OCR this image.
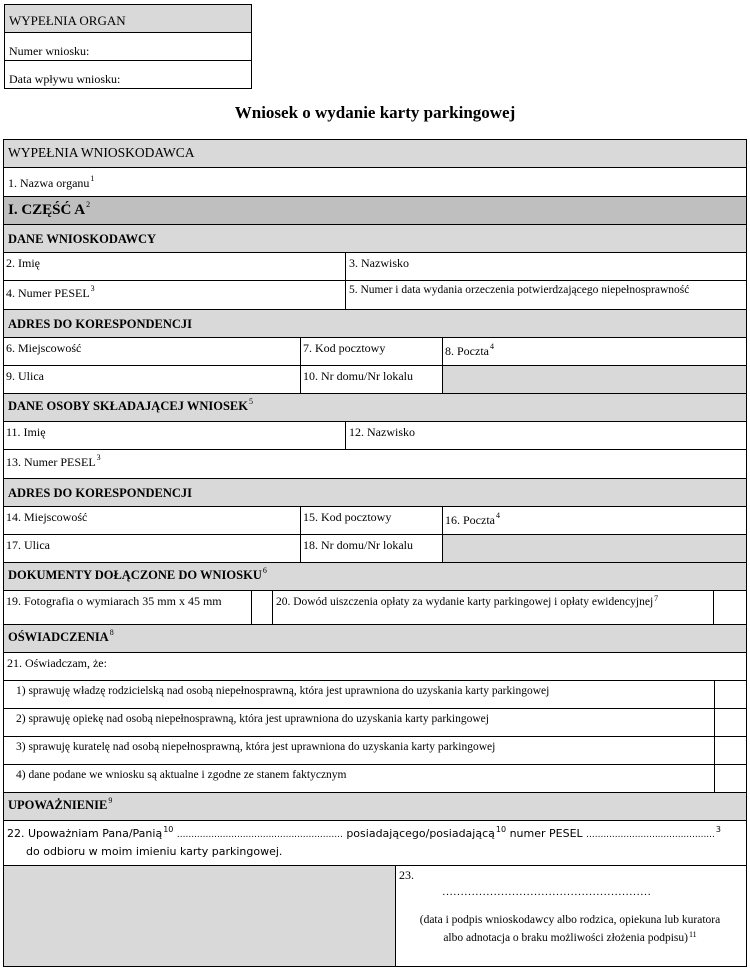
WYPEŁNIA ORGAN
Numer wniosku:
Data wpływu wniosku:
Wniosek o wydanie karty parkingowej
WYPEŁNIA WNIOSKODAWCA
1. Nazwa organu$^1$
I. CZĘŚĆ $A^2$
DANE WNIOSKODAWCY
2. Imię	3. Nazwisko
4. Numer PESEL$^3$	5. Numer i data wydania orzeczenia potwierdzającego niepełnosprawność
ADRES DO KORESPONDENCJI
6. Miejscowość	7. Kod pocztowy	8. Poczta$^4$
9. Ulica	10. Nr domu/Nr lokalu
DANE OSOBY SKŁADAJĄCEJ WNIOSEK$^5$
11. Imię	12. Nazwisko
13. Numer PESEL$^3$
ADRES DO KORESPONDENCJI
14. Miejscowość	15. Kod pocztowy	16. Poczta$^4$
17. Ulica	18. Nr domu/Nr lokalu
DOKUMENTY DOŁĄCZONE DO WNIOSKU$^6$
19. Fotografia o wymiarach 35 mm x 45 mm	20. Dowód uiszczenia opłaty za wydanie karty parkingowej i opłaty ewidencyjnej$^7$
OŚWIADCZENIA$^8$
21. Oświadczam, że:
1) sprawuję władzę rodzicielską nad osobą niepełnosprawną, która jest uprawniona do uzyskania karty parkingowej
2) sprawuję opiekę nad osobą niepełnosprawną, która jest uprawniona do uzyskania karty parkingowej
3) sprawuję kuratelę nad osobą niepełnosprawną, która jest uprawniona do uzyskania karty parkingowej
4) dane podane we wniosku są aktualne i zgodne ze stanem faktycznym
UPOWAŻNIENIE$^9$
22. Upoważniam Pana/Panią$^{10}$ .......................................................... posiadającego/posiadającą$^{10}$ numer PESEL .............................................$^3$
do odbioru w moim imieniu karty parkingowej.
23.
…………………………………………………
(data i podpis wnioskodawcy albo rodzica, opiekuna lub kuratora
albo adnotacja o braku możliwości złożenia podpisu)$^{11}$
